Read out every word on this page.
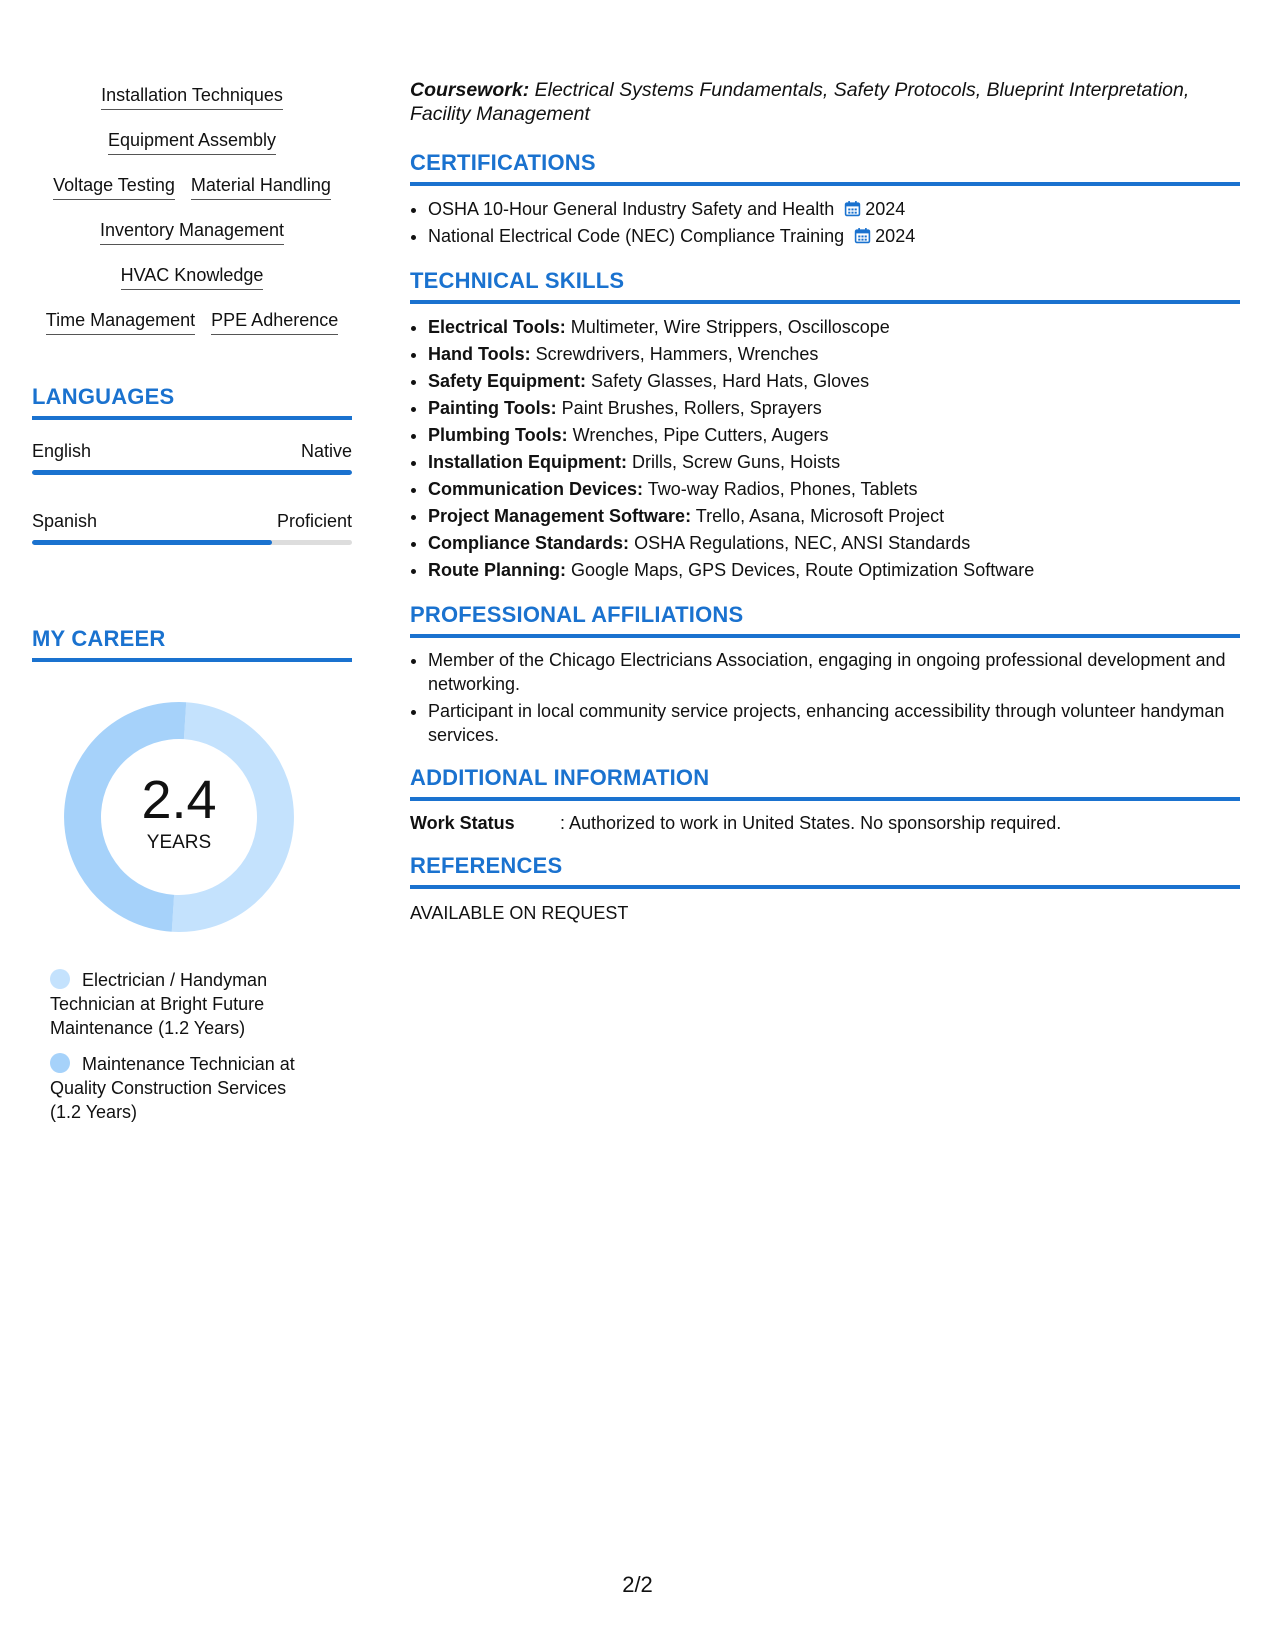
Installation Techniques
Equipment Assembly
Voltage Testing Material Handling
Inventory Management
HVAC Knowledge
Time Management PPE Adherence
LANGUAGES
English	Native
Spanish	Proficient
MY CAREER
2.4
YEARS
Electrician / Handyman Technician at Bright Future Maintenance (1.2 Years)
Maintenance Technician at Quality Construction Services (1.2 Years)
Coursework: Electrical Systems Fundamentals, Safety Protocols, Blueprint Interpretation, Facility Management
CERTIFICATIONS
• OSHA 10-Hour General Industry Safety and Health 2024
• National Electrical Code (NEC) Compliance Training 2024
TECHNICAL SKILLS
• Electrical Tools: Multimeter, Wire Strippers, Oscilloscope
• Hand Tools: Screwdrivers, Hammers, Wrenches
• Safety Equipment: Safety Glasses, Hard Hats, Gloves
• Painting Tools: Paint Brushes, Rollers, Sprayers
• Plumbing Tools: Wrenches, Pipe Cutters, Augers
• Installation Equipment: Drills, Screw Guns, Hoists
• Communication Devices: Two-way Radios, Phones, Tablets
• Project Management Software: Trello, Asana, Microsoft Project
• Compliance Standards: OSHA Regulations, NEC, ANSI Standards
• Route Planning: Google Maps, GPS Devices, Route Optimization Software
PROFESSIONAL AFFILIATIONS
• Member of the Chicago Electricians Association, engaging in ongoing professional development and networking.
• Participant in local community service projects, enhancing accessibility through volunteer handyman services.
ADDITIONAL INFORMATION
Work Status	: Authorized to work in United States. No sponsorship required.
REFERENCES
AVAILABLE ON REQUEST
2/2
